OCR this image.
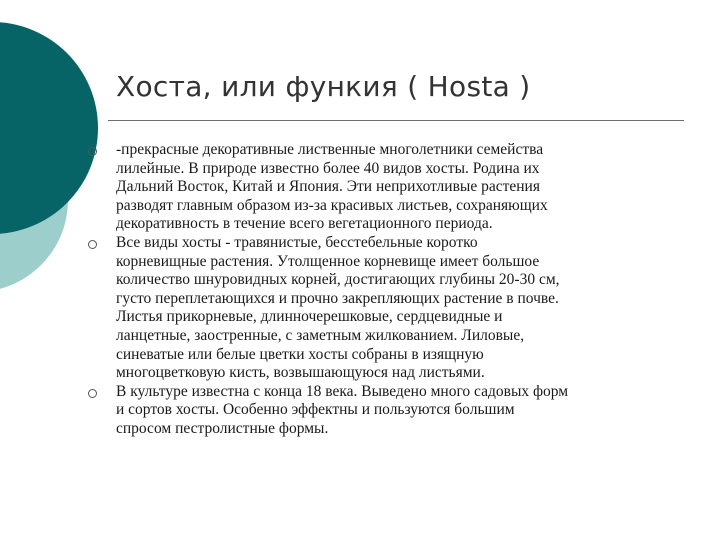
Хоста, или функия ( Hosta )
-прекрасные декоративные лиственные многолетники семейства
лилейные. В природе известно более 40 видов хосты. Родина их
Дальний Восток, Китай и Япония. Эти неприхотливые растения
разводят главным образом из-за красивых листьев, сохраняющих
декоративность в течение всего вегетационного периода.
Все виды хосты - травянистые, бесстебельные коротко
корневищные растения. Утолщенное корневище имеет большое
количество шнуровидных корней, достигающих глубины 20-30 см,
густо переплетающихся и прочно закрепляющих растение в почве.
Листья прикорневые, длинночерешковые, сердцевидные и
ланцетные, заостренные, с заметным жилкованием. Лиловые,
синеватые или белые цветки хосты собраны в изящную
многоцветковую кисть, возвышающуюся над листьями.
В культуре известна с конца 18 века. Выведено много садовых форм
и сортов хосты. Особенно эффектны и пользуются большим
спросом пестролистные формы.
